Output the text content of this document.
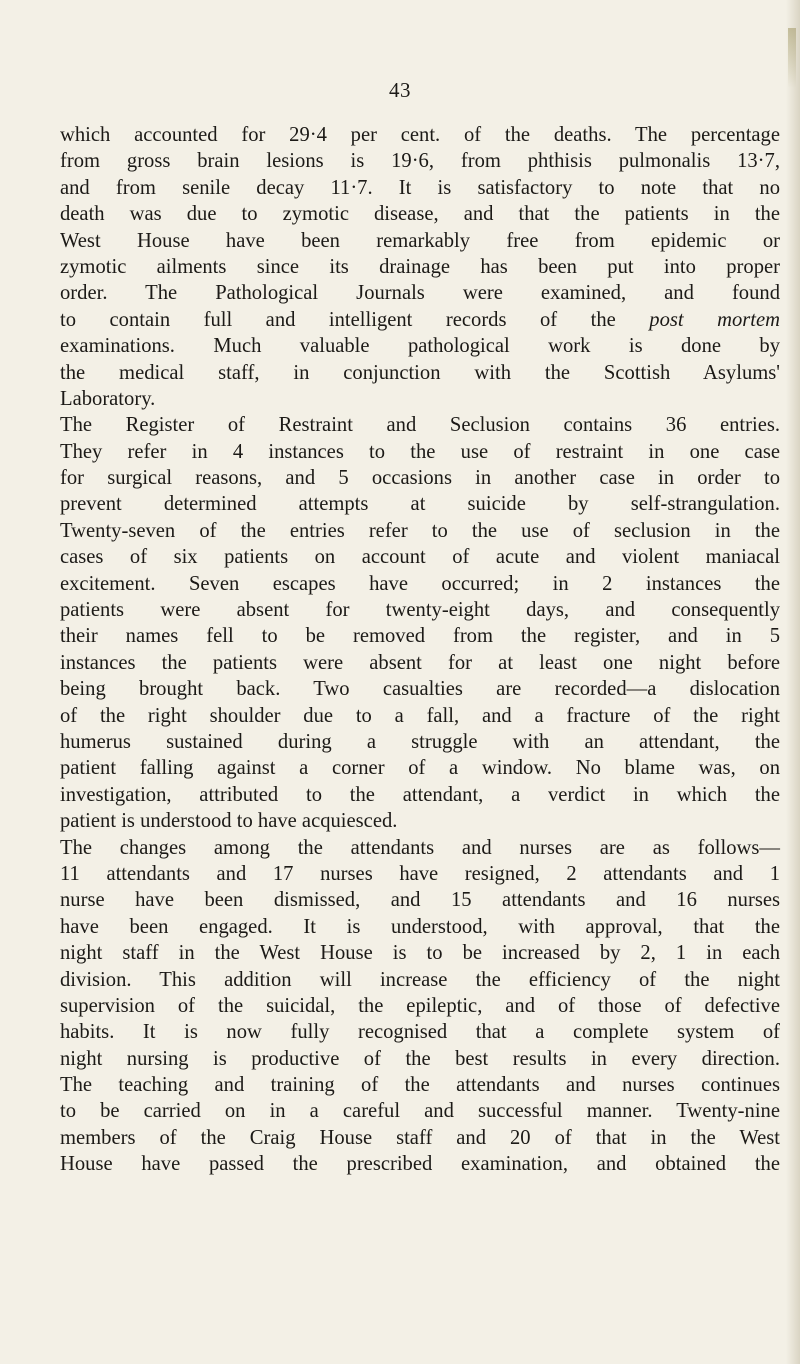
43
which accounted for 29·4 per cent. of the deaths. The percentage
from gross brain lesions is 19·6, from phthisis pulmonalis 13·7,
and from senile decay 11·7. It is satisfactory to note that no
death was due to zymotic disease, and that the patients in the
West House have been remarkably free from epidemic or
zymotic ailments since its drainage has been put into proper
order. The Pathological Journals were examined, and found
to contain full and intelligent records of the post mortem
examinations. Much valuable pathological work is done by
the medical staff, in conjunction with the Scottish Asylums'
Laboratory.
The Register of Restraint and Seclusion contains 36 entries.
They refer in 4 instances to the use of restraint in one case
for surgical reasons, and 5 occasions in another case in order to
prevent determined attempts at suicide by self-strangulation.
Twenty-seven of the entries refer to the use of seclusion in the
cases of six patients on account of acute and violent maniacal
excitement. Seven escapes have occurred; in 2 instances the
patients were absent for twenty-eight days, and consequently
their names fell to be removed from the register, and in 5
instances the patients were absent for at least one night before
being brought back. Two casualties are recorded—a dislocation
of the right shoulder due to a fall, and a fracture of the right
humerus sustained during a struggle with an attendant, the
patient falling against a corner of a window. No blame was, on
investigation, attributed to the attendant, a verdict in which the
patient is understood to have acquiesced.
The changes among the attendants and nurses are as follows—
11 attendants and 17 nurses have resigned, 2 attendants and 1
nurse have been dismissed, and 15 attendants and 16 nurses
have been engaged. It is understood, with approval, that the
night staff in the West House is to be increased by 2, 1 in each
division. This addition will increase the efficiency of the night
supervision of the suicidal, the epileptic, and of those of defective
habits. It is now fully recognised that a complete system of
night nursing is productive of the best results in every direction.
The teaching and training of the attendants and nurses continues
to be carried on in a careful and successful manner. Twenty-nine
members of the Craig House staff and 20 of that in the West
House have passed the prescribed examination, and obtained the
